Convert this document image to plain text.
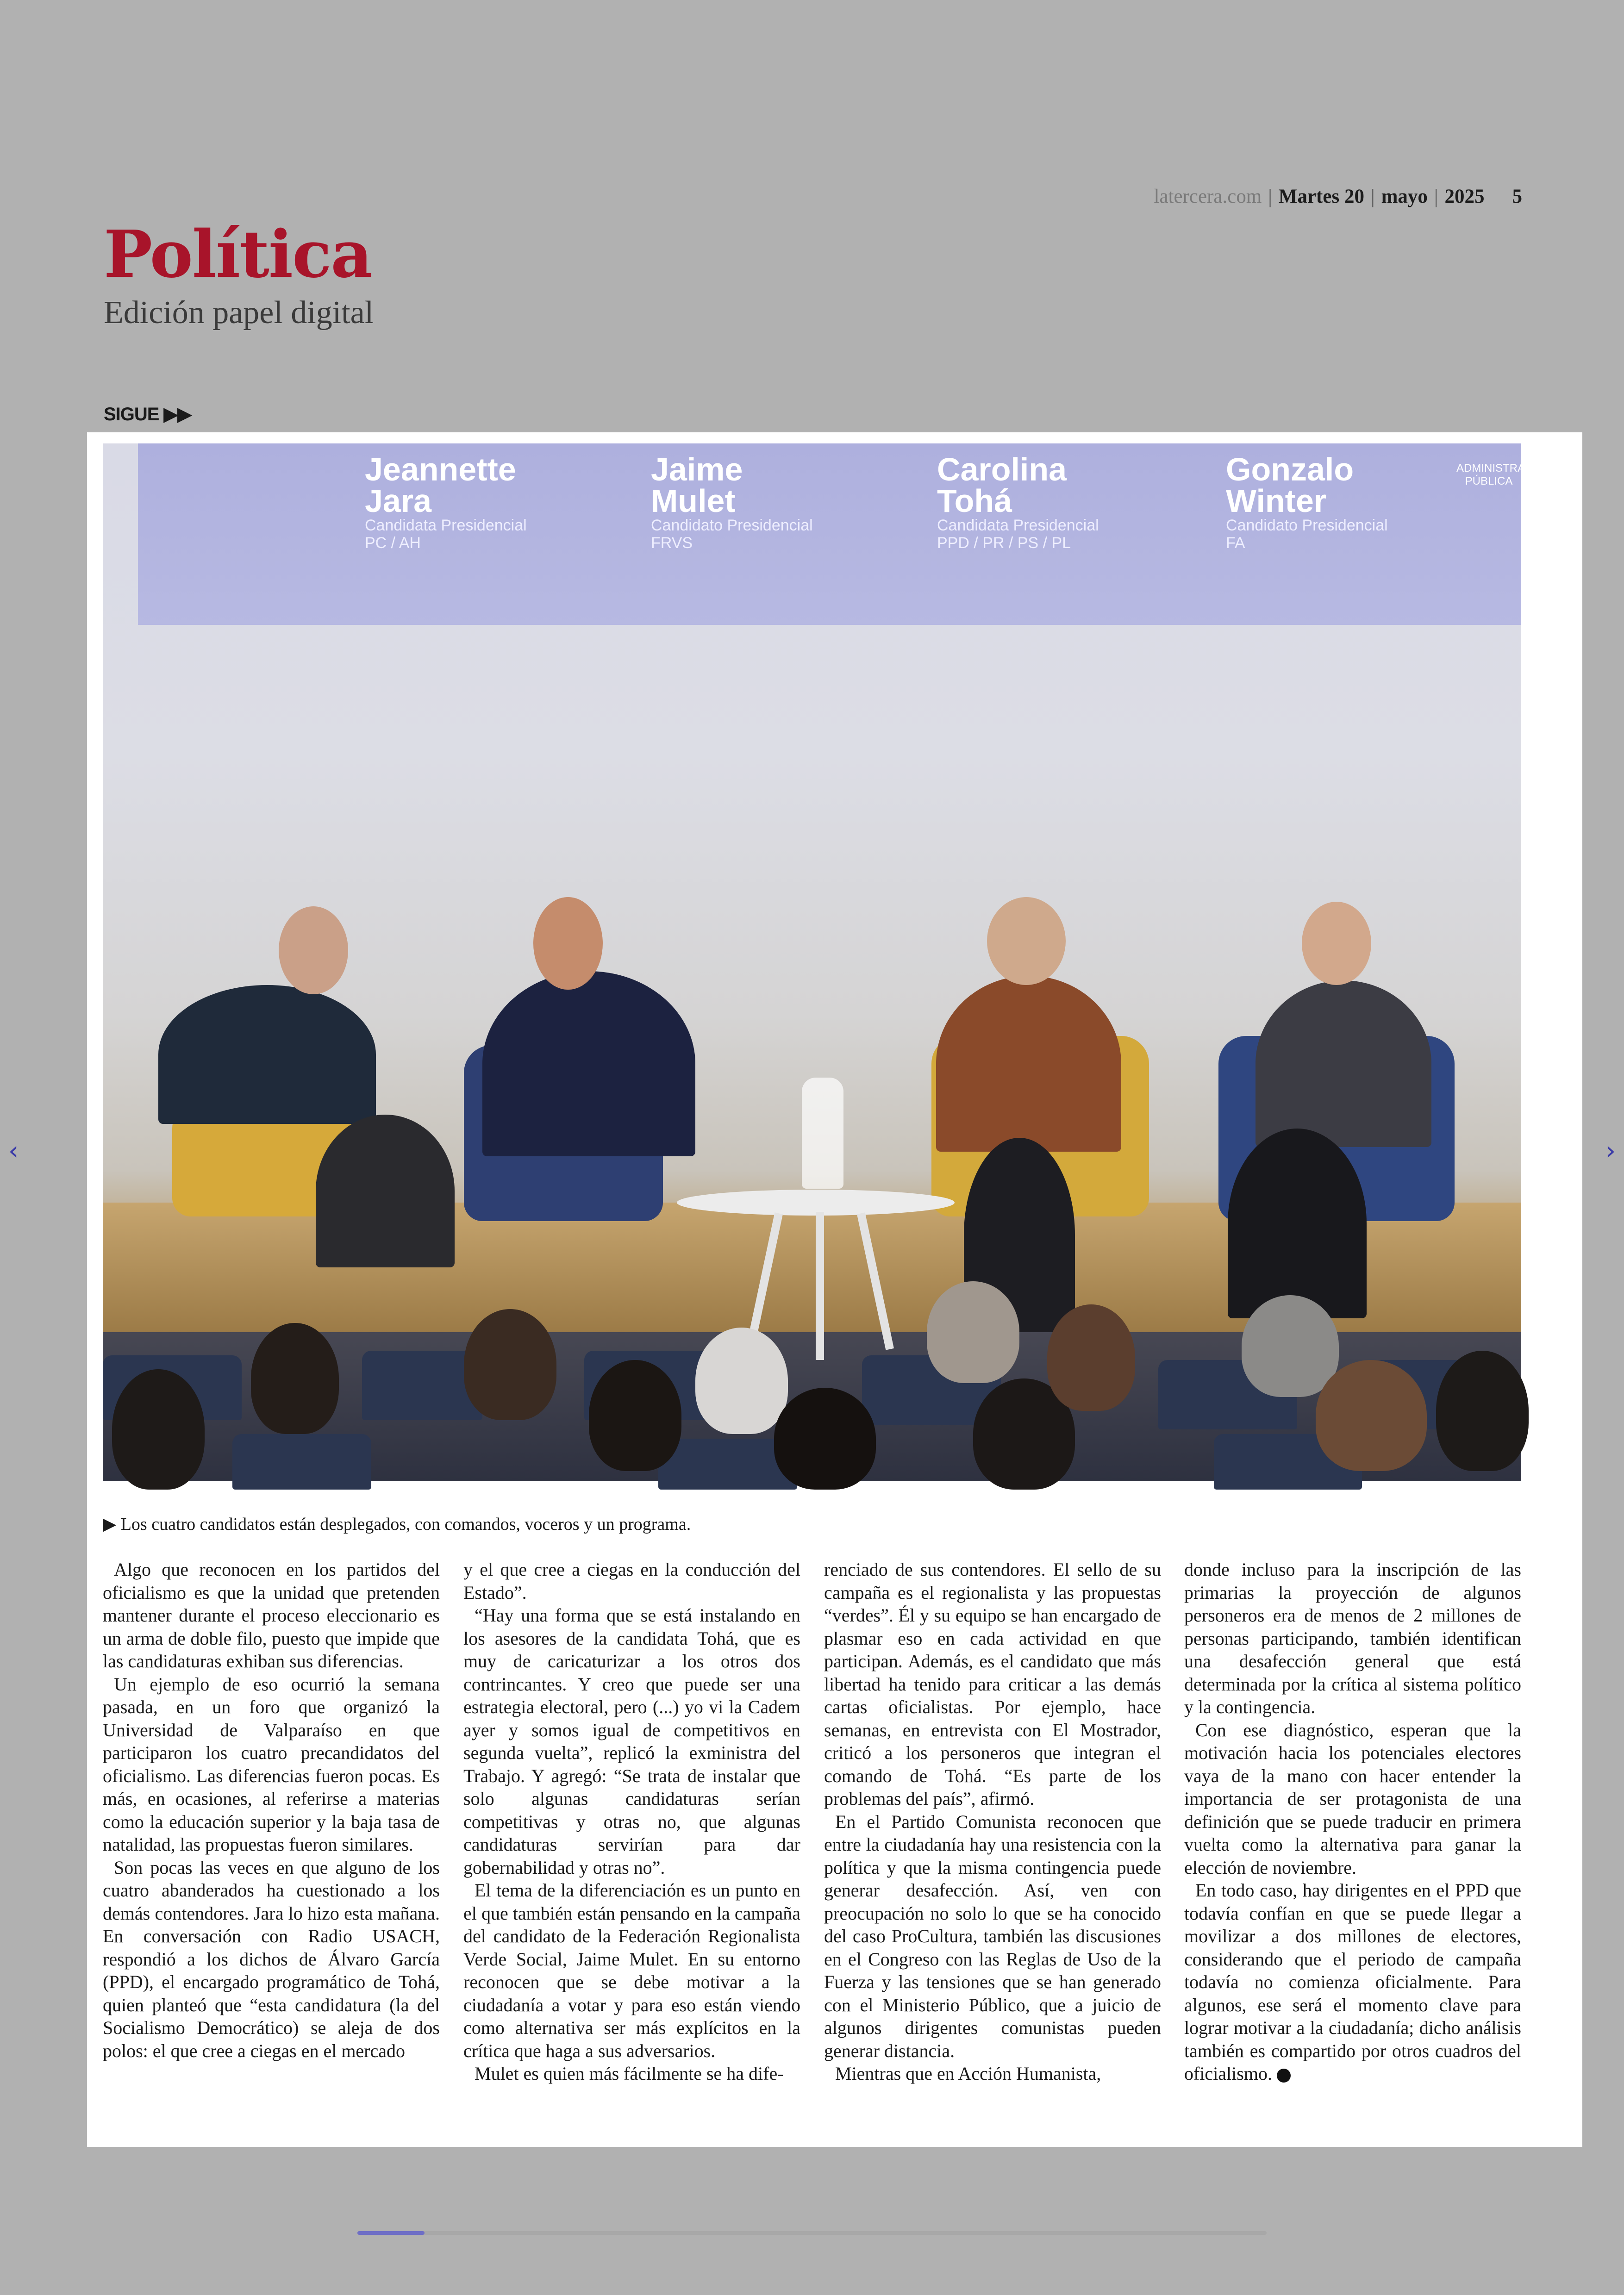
latercera.com | Martes 20 | mayo | 2025 5
Política
Edición papel digital
SIGUE ▶▶
Jeannette
Jara
Candidata Presidencial
PC / AH
Jaime
Mulet
Candidato Presidencial
FRVS
Carolina
Tohá
Candidata Presidencial
PPD / PR / PS / PL
Gonzalo
Winter
Candidato Presidencial
FA
ADMINISTRACIÓN PÚBLICA
▶ Los cuatro candidatos están desplegados, con comandos, voceros y un programa.

Algo que reconocen en los partidos del oficialismo es que la unidad que pretenden mantener durante el proceso eleccionario es un arma de doble filo, puesto que impide que las candidaturas exhiban sus diferencias.

Un ejemplo de eso ocurrió la semana pasada, en un foro que organizó la Universidad de Valparaíso en que participaron los cuatro precandidatos del oficialismo. Las diferencias fueron pocas. Es más, en ocasiones, al referirse a materias como la educación superior y la baja tasa de natalidad, las propuestas fueron similares.

Son pocas las veces en que alguno de los cuatro abanderados ha cuestionado a los demás contendores. Jara lo hizo esta mañana. En conversación con Radio USACH, respondió a los dichos de Álvaro García (PPD), el encargado programático de Tohá, quien planteó que “esta candidatura (la del Socialismo Democrático) se aleja de dos polos: el que cree a ciegas en el mercado

y el que cree a ciegas en la conducción del Estado”.

“Hay una forma que se está instalando en los asesores de la candidata Tohá, que es muy de caricaturizar a los otros dos contrincantes. Y creo que puede ser una estrategia electoral, pero (...) yo vi la Cadem ayer y somos igual de competitivos en segunda vuelta”, replicó la exministra del Trabajo. Y agregó: “Se trata de instalar que solo algunas candidaturas serían competitivas y otras no, que algunas candidaturas servirían para dar gobernabilidad y otras no”.

El tema de la diferenciación es un punto en el que también están pensando en la campaña del candidato de la Federación Regionalista Verde Social, Jaime Mulet. En su entorno reconocen que se debe motivar a la ciudadanía a votar y para eso están viendo como alternativa ser más explícitos en la crítica que haga a sus adversarios.

Mulet es quien más fácilmente se ha dife-

renciado de sus contendores. El sello de su campaña es el regionalista y las propuestas “verdes”. Él y su equipo se han encargado de plasmar eso en cada actividad en que participan. Además, es el candidato que más libertad ha tenido para criticar a las demás cartas oficialistas. Por ejemplo, hace semanas, en entrevista con El Mostrador, criticó a los personeros que integran el comando de Tohá. “Es parte de los problemas del país”, afirmó.

En el Partido Comunista reconocen que entre la ciudadanía hay una resistencia con la política y que la misma contingencia puede generar desafección. Así, ven con preocupación no solo lo que se ha conocido del caso ProCultura, también las discusiones en el Congreso con las Reglas de Uso de la Fuerza y las tensiones que se han generado con el Ministerio Público, que a juicio de algunos dirigentes comunistas pueden generar distancia.

Mientras que en Acción Humanista,

donde incluso para la inscripción de las primarias la proyección de algunos personeros era de menos de 2 millones de personas participando, también identifican una desafección general que está determinada por la crítica al sistema político y la contingencia.

Con ese diagnóstico, esperan que la motivación hacia los potenciales electores vaya de la mano con hacer entender la importancia de ser protagonista de una definición que se puede traducir en primera vuelta como la alternativa para ganar la elección de noviembre.

En todo caso, hay dirigentes en el PPD que todavía confían en que se puede llegar a movilizar a dos millones de electores, considerando que el periodo de campaña todavía no comienza oficialmente. Para algunos, ese será el momento clave para lograr motivar a la ciudadanía; dicho análisis también es compartido por otros cuadros del oficialismo.

‹	›
